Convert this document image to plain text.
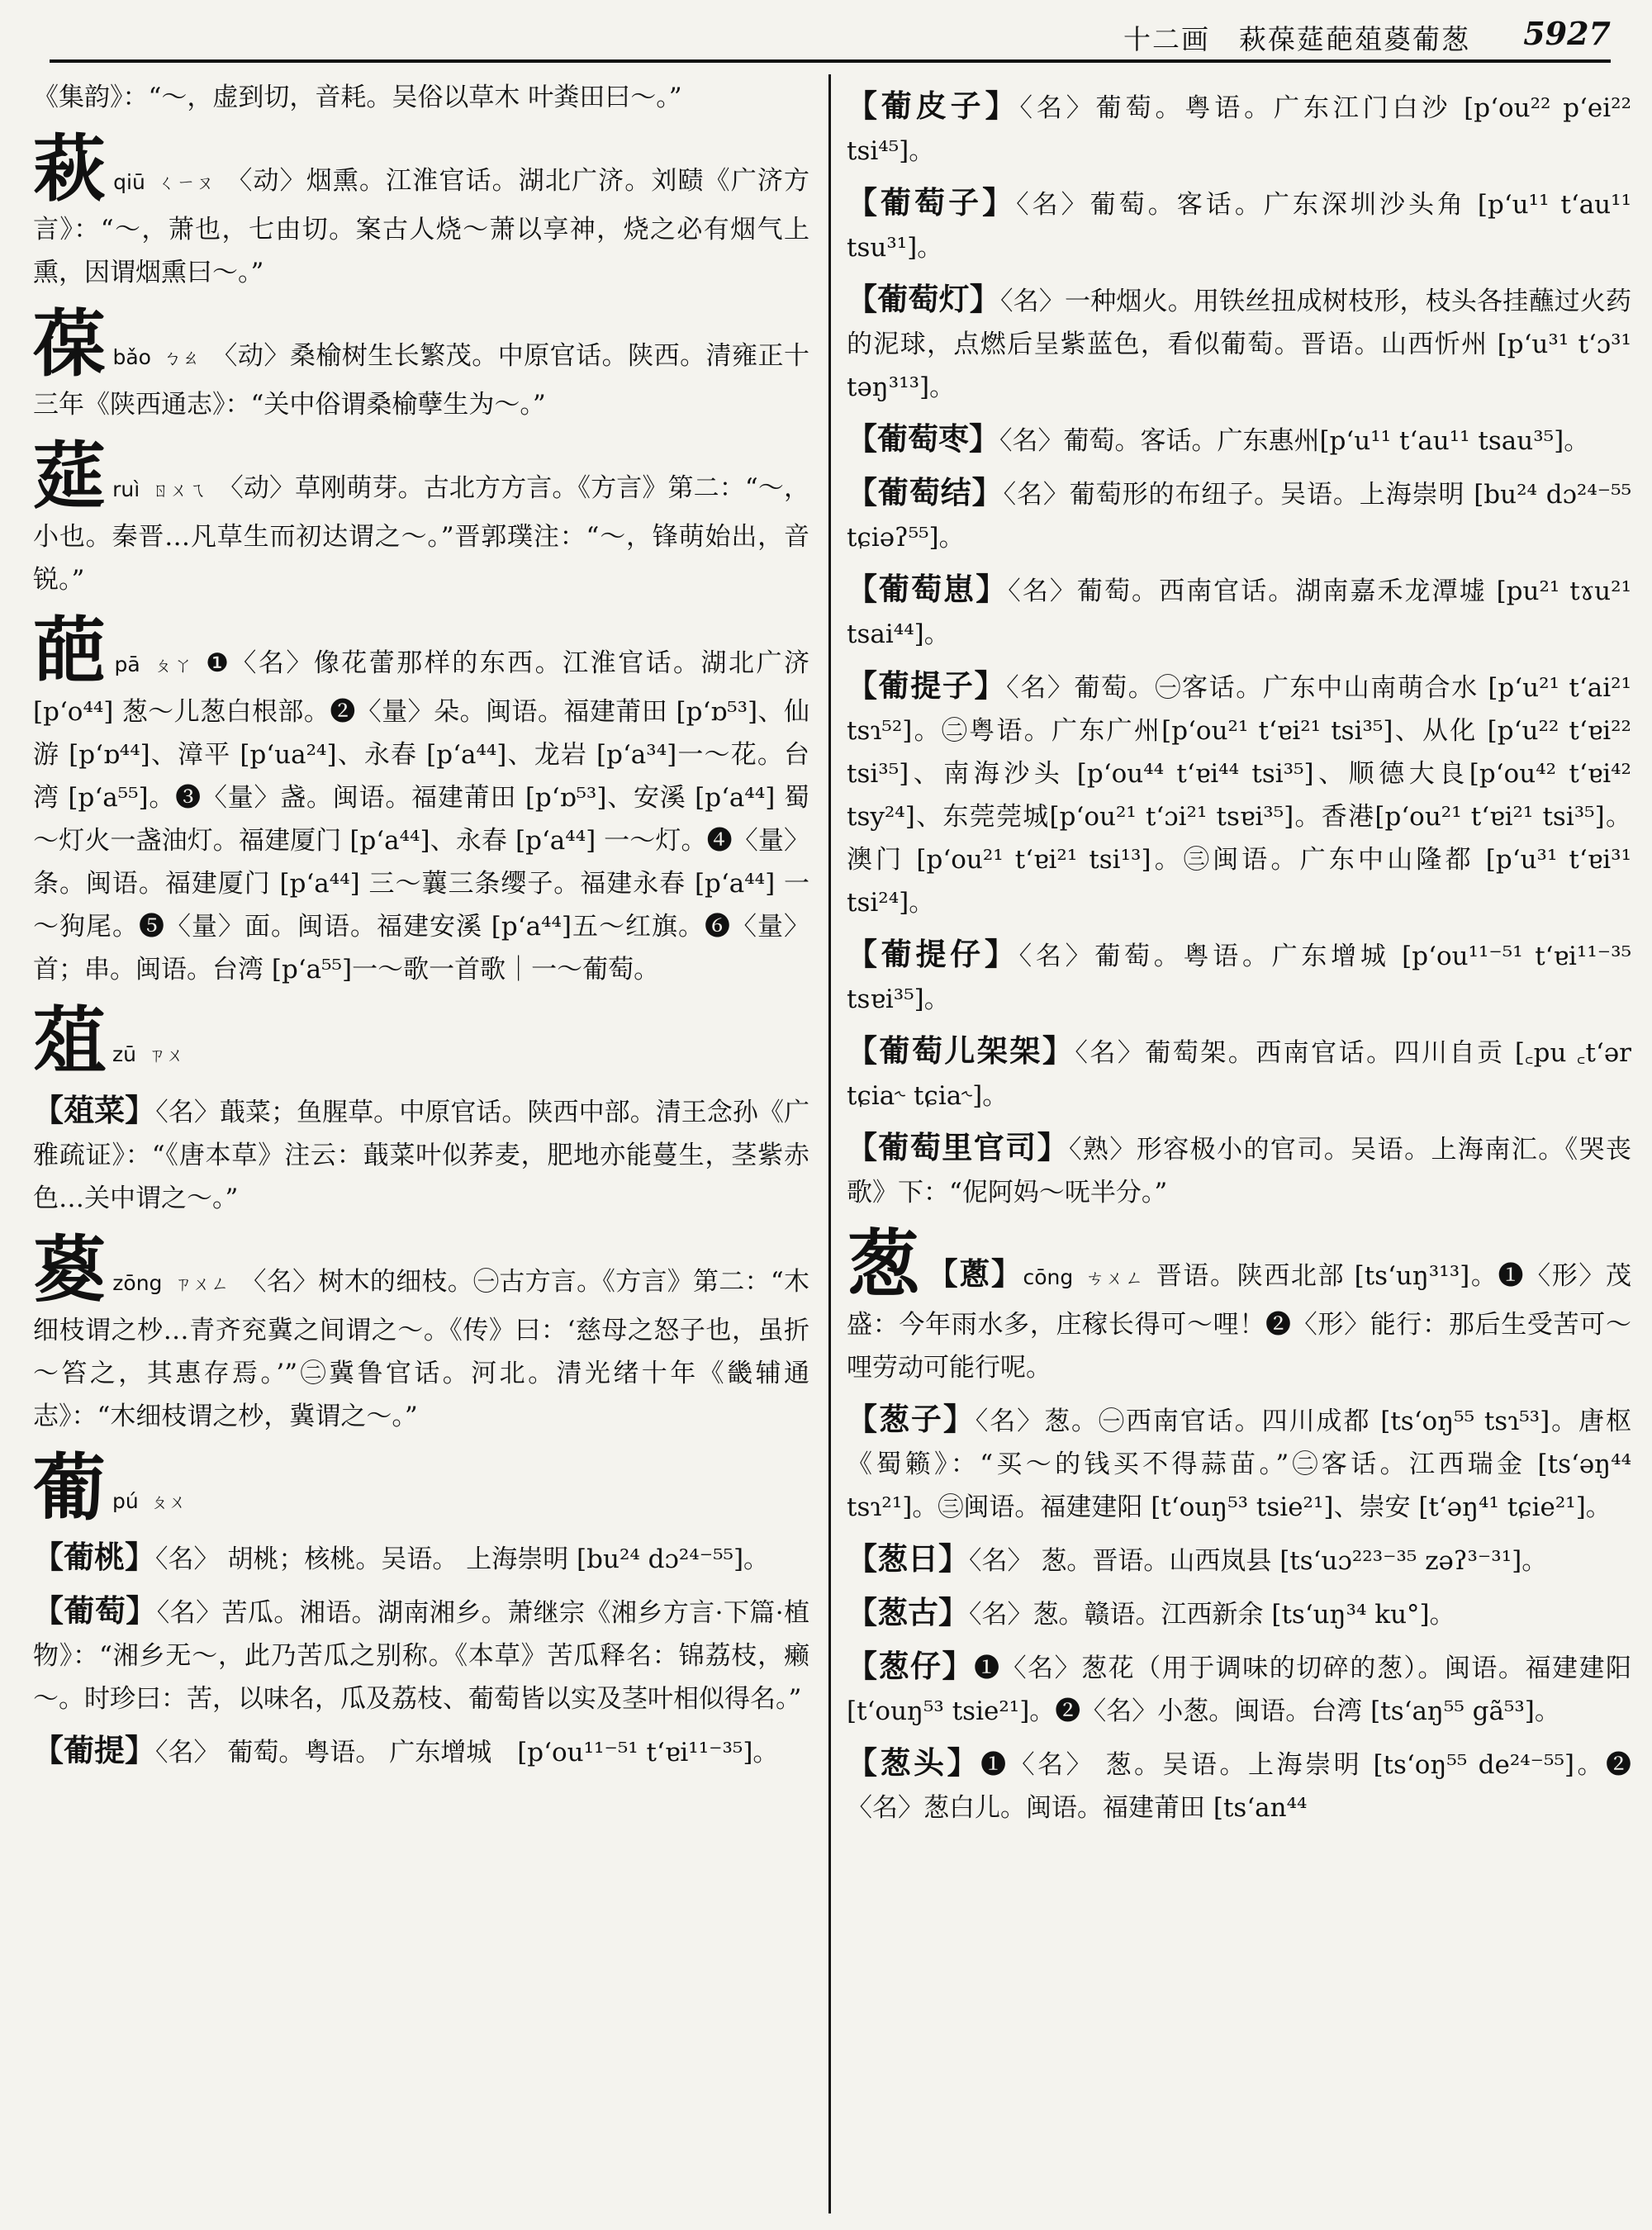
十二画　萩葆莚葩葅葼葡葱 5927

《集韵》：“～，虚到切，音耗。吴俗以草木 叶粪田曰～。”

萩qiū ㄑㄧㄡ 〈动〉烟熏。江淮官话。湖北广济。刘赜《广济方言》：“～，萧也，七由切。案古人烧～萧以享神，烧之必有烟气上熏，因谓烟熏曰～。”
葆bǎo ㄅㄠ 〈动〉桑榆树生长繁茂。中原官话。陕西。清雍正十三年《陕西通志》：“关中俗谓桑榆孽生为～。”
莚ruì ㄖㄨㄟ 〈动〉草刚萌芽。古北方方言。《方言》第二：“～，小也。秦晋…凡草生而初达谓之～。”晋郭璞注：“～，锋萌始出，音锐。”
葩pā ㄆㄚ ❶〈名〉像花蕾那样的东西。江淮官话。湖北广济 [p‘o⁴⁴] 葱～儿葱白根部。❷〈量〉朵。闽语。福建莆田 [p‘ɒ⁵³]、仙游 [p‘ɒ⁴⁴]、漳平 [p‘ua²⁴]、永春 [p‘a⁴⁴]、龙岩 [p‘a³⁴]一～花。台湾 [p‘a⁵⁵]。❸〈量〉盏。闽语。福建莆田 [p‘ɒ⁵³]、安溪 [p‘a⁴⁴] 蜀～灯火一盏油灯。福建厦门 [p‘a⁴⁴]、永春 [p‘a⁴⁴] 一～灯。❹〈量〉条。闽语。福建厦门 [p‘a⁴⁴] 三～蘘三条缨子。福建永春 [p‘a⁴⁴] 一～狗尾。❺〈量〉面。闽语。福建安溪 [p‘a⁴⁴]五～红旗。❻〈量〉首；串。闽语。台湾 [p‘a⁵⁵]一～歌一首歌｜一～葡萄。
葅zū ㄗㄨ
【葅菜】〈名〉蕺菜；鱼腥草。中原官话。陕西中部。清王念孙《广雅疏证》：“《唐本草》注云：蕺菜叶似荞麦，肥地亦能蔓生，茎紫赤色…关中谓之～。”
葼zōng ㄗㄨㄥ 〈名〉树木的细枝。㊀古方言。《方言》第二：“木细枝谓之杪…青齐兖冀之间谓之～。《传》曰：‘慈母之怒子也，虽折～笞之，其惠存焉。’”㊁冀鲁官话。河北。清光绪十年《畿辅通志》：“木细枝谓之杪，冀谓之～。”
葡pú ㄆㄨ
【葡桃】〈名〉 胡桃；核桃。吴语。 上海崇明 [bu²⁴ dɔ²⁴⁻⁵⁵]。
【葡萄】〈名〉苦瓜。湘语。湖南湘乡。萧继宗《湘乡方言·下篇·植物》：“湘乡无～，此乃苦瓜之别称。《本草》苦瓜释名：锦荔枝，癞～。时珍曰：苦，以味名，瓜及荔枝、葡萄皆以实及茎叶相似得名。”
【葡提】〈名〉 葡萄。粤语。 广东增城　[p‘ou¹¹⁻⁵¹ t‘ɐi¹¹⁻³⁵]。
【葡皮子】〈名〉葡萄。粤语。广东江门白沙 [p‘ou²² p‘ei²² tsi⁴⁵]。
【葡萄子】〈名〉葡萄。客话。广东深圳沙头角 [p‘u¹¹ t‘au¹¹ tsu³¹]。
【葡萄灯】〈名〉一种烟火。用铁丝扭成树枝形，枝头各挂蘸过火药的泥球，点燃后呈紫蓝色，看似葡萄。晋语。山西忻州 [p‘u³¹ t‘ɔ³¹ təŋ³¹³]。
【葡萄枣】〈名〉葡萄。客话。广东惠州[p‘u¹¹ t‘au¹¹ tsau³⁵]。
【葡萄结】〈名〉葡萄形的布纽子。吴语。上海崇明 [bu²⁴ dɔ²⁴⁻⁵⁵ tɕiəʔ⁵⁵]。
【葡萄崽】〈名〉葡萄。西南官话。湖南嘉禾龙潭墟 [pu²¹ tɤu²¹ tsai⁴⁴]。
【葡提子】〈名〉葡萄。㊀客话。广东中山南萌合水 [p‘u²¹ t‘ai²¹ tsɿ⁵²]。㊁粤语。广东广州[p‘ou²¹ t‘ɐi²¹ tsi³⁵]、从化 [p‘u²² t‘ɐi²² tsi³⁵]、南海沙头 [p‘ou⁴⁴ t‘ɐi⁴⁴ tsi³⁵]、顺德大良[p‘ou⁴² t‘ɐi⁴² tsy²⁴]、东莞莞城[p‘ou²¹ t‘ɔi²¹ tsɐi³⁵]。香港[p‘ou²¹ t‘ɐi²¹ tsi³⁵]。澳门 [p‘ou²¹ t‘ɐi²¹ tsi¹³]。㊂闽语。广东中山隆都 [p‘u³¹ t‘ɐi³¹ tsi²⁴]。
【葡提仔】〈名〉葡萄。粤语。广东增城 [p‘ou¹¹⁻⁵¹ t‘ɐi¹¹⁻³⁵ tsɐi³⁵]。
【葡萄儿架架】〈名〉葡萄架。西南官话。四川自贡 [꜀pu ꜀t‘ər tɕia˞ tɕia˞]。
【葡萄里官司】〈熟〉形容极小的官司。吴语。上海南汇。《哭丧歌》下：“伲阿妈～呒半分。”
葱 【蔥】cōng ㄘㄨㄥ 晋语。陕西北部 [ts‘uŋ³¹³]。❶〈形〉茂盛：今年雨水多，庄稼长得可～哩！❷〈形〉能行：那后生受苦可～哩劳动可能行呢。
【葱子】〈名〉葱。㊀西南官话。四川成都 [ts‘oŋ⁵⁵ tsɿ⁵³]。唐枢《蜀籁》：“买～的钱买不得蒜苗。”㊁客话。江西瑞金 [ts‘əŋ⁴⁴ tsɿ²¹]。㊂闽语。福建建阳 [t‘ouŋ⁵³ tsie²¹]、崇安 [t‘əŋ⁴¹ tɕie²¹]。
【葱日】〈名〉 葱。晋语。山西岚县 [ts‘uɔ²²³⁻³⁵ zəʔ³⁻³¹]。
【葱古】〈名〉葱。赣语。江西新余 [ts‘uŋ³⁴ ku°]。
【葱仔】❶〈名〉葱花（用于调味的切碎的葱）。闽语。福建建阳 [t‘ouŋ⁵³ tsie²¹]。❷〈名〉小葱。闽语。台湾 [ts‘aŋ⁵⁵ gã⁵³]。
【葱头】❶〈名〉 葱。吴语。上海崇明 [ts‘oŋ⁵⁵ de²⁴⁻⁵⁵]。❷〈名〉葱白儿。闽语。福建莆田 [ts‘an⁴⁴
